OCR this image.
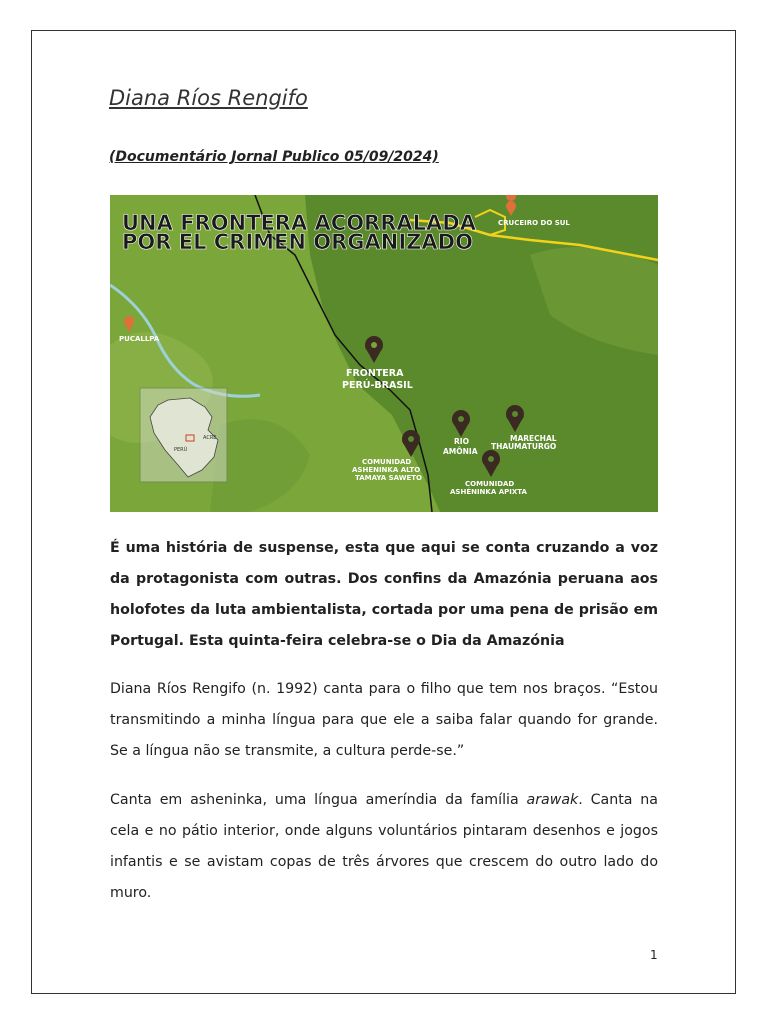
Diana Ríos Rengifo
(Documentário Jornal Publico 05/09/2024)
UNA FRONTERA ACORRALADA
POR EL CRIMEN ORGANIZADO
CRUCEIRO DO SUL
PUCALLPA
FRONTERA
PERÚ-BRASIL
RIO
AMÔNIA
MARECHAL
THAUMATURGO
COMUNIDAD
ASHENINKA ALTO
TAMAYA SAWETO
COMUNIDAD
ASHÉNINKA APIXTA
PERÚ
ACRE

É uma história de suspense, esta que aqui se conta cruzando a voz da protagonista com outras. Dos confins da Amazónia peruana aos holofotes da luta ambientalista, cortada por uma pena de prisão em Portugal. Esta quinta-feira celebra-se o Dia da Amazónia

Diana Ríos Rengifo (n. 1992) canta para o filho que tem nos braços. “Estou transmitindo a minha língua para que ele a saiba falar quando for grande. Se a língua não se transmite, a cultura perde-se.”

Canta em asheninka, uma língua ameríndia da família arawak. Canta na cela e no pátio interior, onde alguns voluntários pintaram desenhos e jogos infantis e se avistam copas de três árvores que crescem do outro lado do muro.

1
